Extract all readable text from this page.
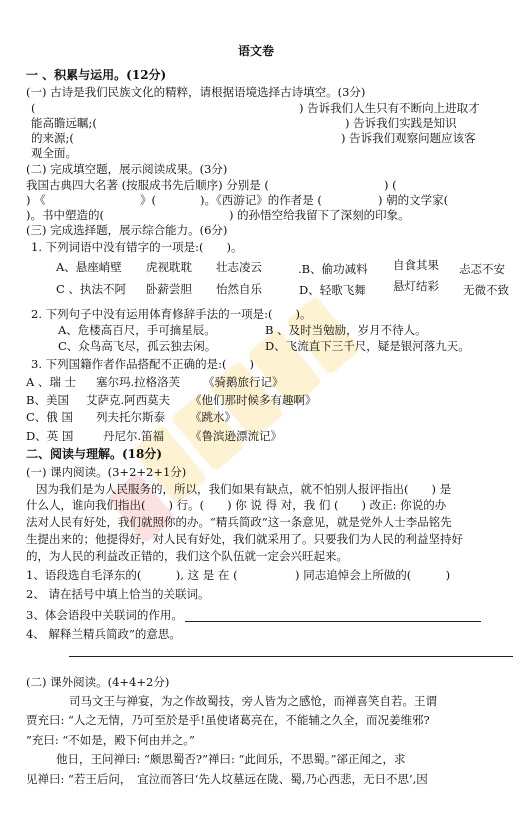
语文卷
一 、积累与运用。(12分)
(一) 古诗是我们民族文化的精粹，请根据语境选择古诗填空。(3分)
(	) 告诉我们人生只有不断向上进取才
能高瞻远瞩;(	) 告诉我们实践是知识
的来源;(	) 告诉我们观察问题应该客
观全面。
(二) 完成填空题，展示阅读成果。(3分)
我国古典四大名著 (按服成书先后顺序) 分别是 (	) (
) 《	》(	)。《西游记》的作者是 (	) 朝的文学家(
)。书中塑造的(	) 的孙悟空给我留下了深刻的印象。
(三) 完成选择题，展示综合能力。(6分)
1. 下列词语中没有错字的一项是:(　　)。
A、悬座峭壁 虎视耽耽 壮志凌云	.B、偷功减料 自食其果 忐忑不安
C 、执法不阿 卧薪尝胆 怡然自乐	D、轻歌飞舞 悬灯结彩 无微不致
2. 下列句子中没有运用体育修辞手法的一项是:(　　)。
A、危楼高百尺，手可摘星辰。	B 、及时当勉励，岁月不待人。
C、众鸟高飞尽，孤云独去闲。	D、飞流直下三千尺，疑是银河落九天。
3. 下列国籍作者作品搭配不正确的是:(　　)
A 、瑞 士 塞尔玛.拉格洛芙 《骑鹅旅行记》
B、美国 艾萨克.阿西莫夫 《他们那时候多有趣啊》
C、俄 国 列夫托尔斯泰 《跳水》
D、英 国	丹尼尔.笛福 《鲁滨逊漂流记》
二、阅读与理解。(18分)
(一) 课内阅读。(3+2+2+1分)
因为我们是为人民服务的，所以，我们如果有缺点，就不怕别人报评指出(　　) 是
什么人，谁向我们指出(　　) 行。(　　) 你 说 得 对，我 们 (　　) 改正: 你说的办
法对人民有好处，我们就照你的办。“精兵简政”这一条意见，就是党外人士李品铭先
生提出来的；他提得好，对人民有好处，我们就采用了。只要我们为人民的利益坚持好
的，为人民的利益改正错的，我们这个队伍就一定会兴旺起来。
1、语段选自毛泽东的(　　　), 这 是 在 (　　　　　) 同志追悼会上所做的(　　　)
2、 请在括号中填上恰当的关联词。
3、体会语段中关联词的作用。
4、 解释兰精兵简政”的意思。
(二) 课外阅读。(4+4+2分)
司马文王与禅宴，为之作故蜀技，旁人皆为之感怆，而禅喜笑自若。王谓
贾充曰: “人之无情，乃可至於是乎!虽使诸葛亮在，不能辅之久全，而况姜维邪?
”充曰: “不如是，殿下何由并之。”
他日，王问禅曰: “颇思蜀否?”禅曰: “此间乐，不思蜀。”郤正闻之，求
见禅曰: “若王后问，　宜泣而答曰‘先人坟墓远在陇、蜀,乃心西悲，无日不思’,因
